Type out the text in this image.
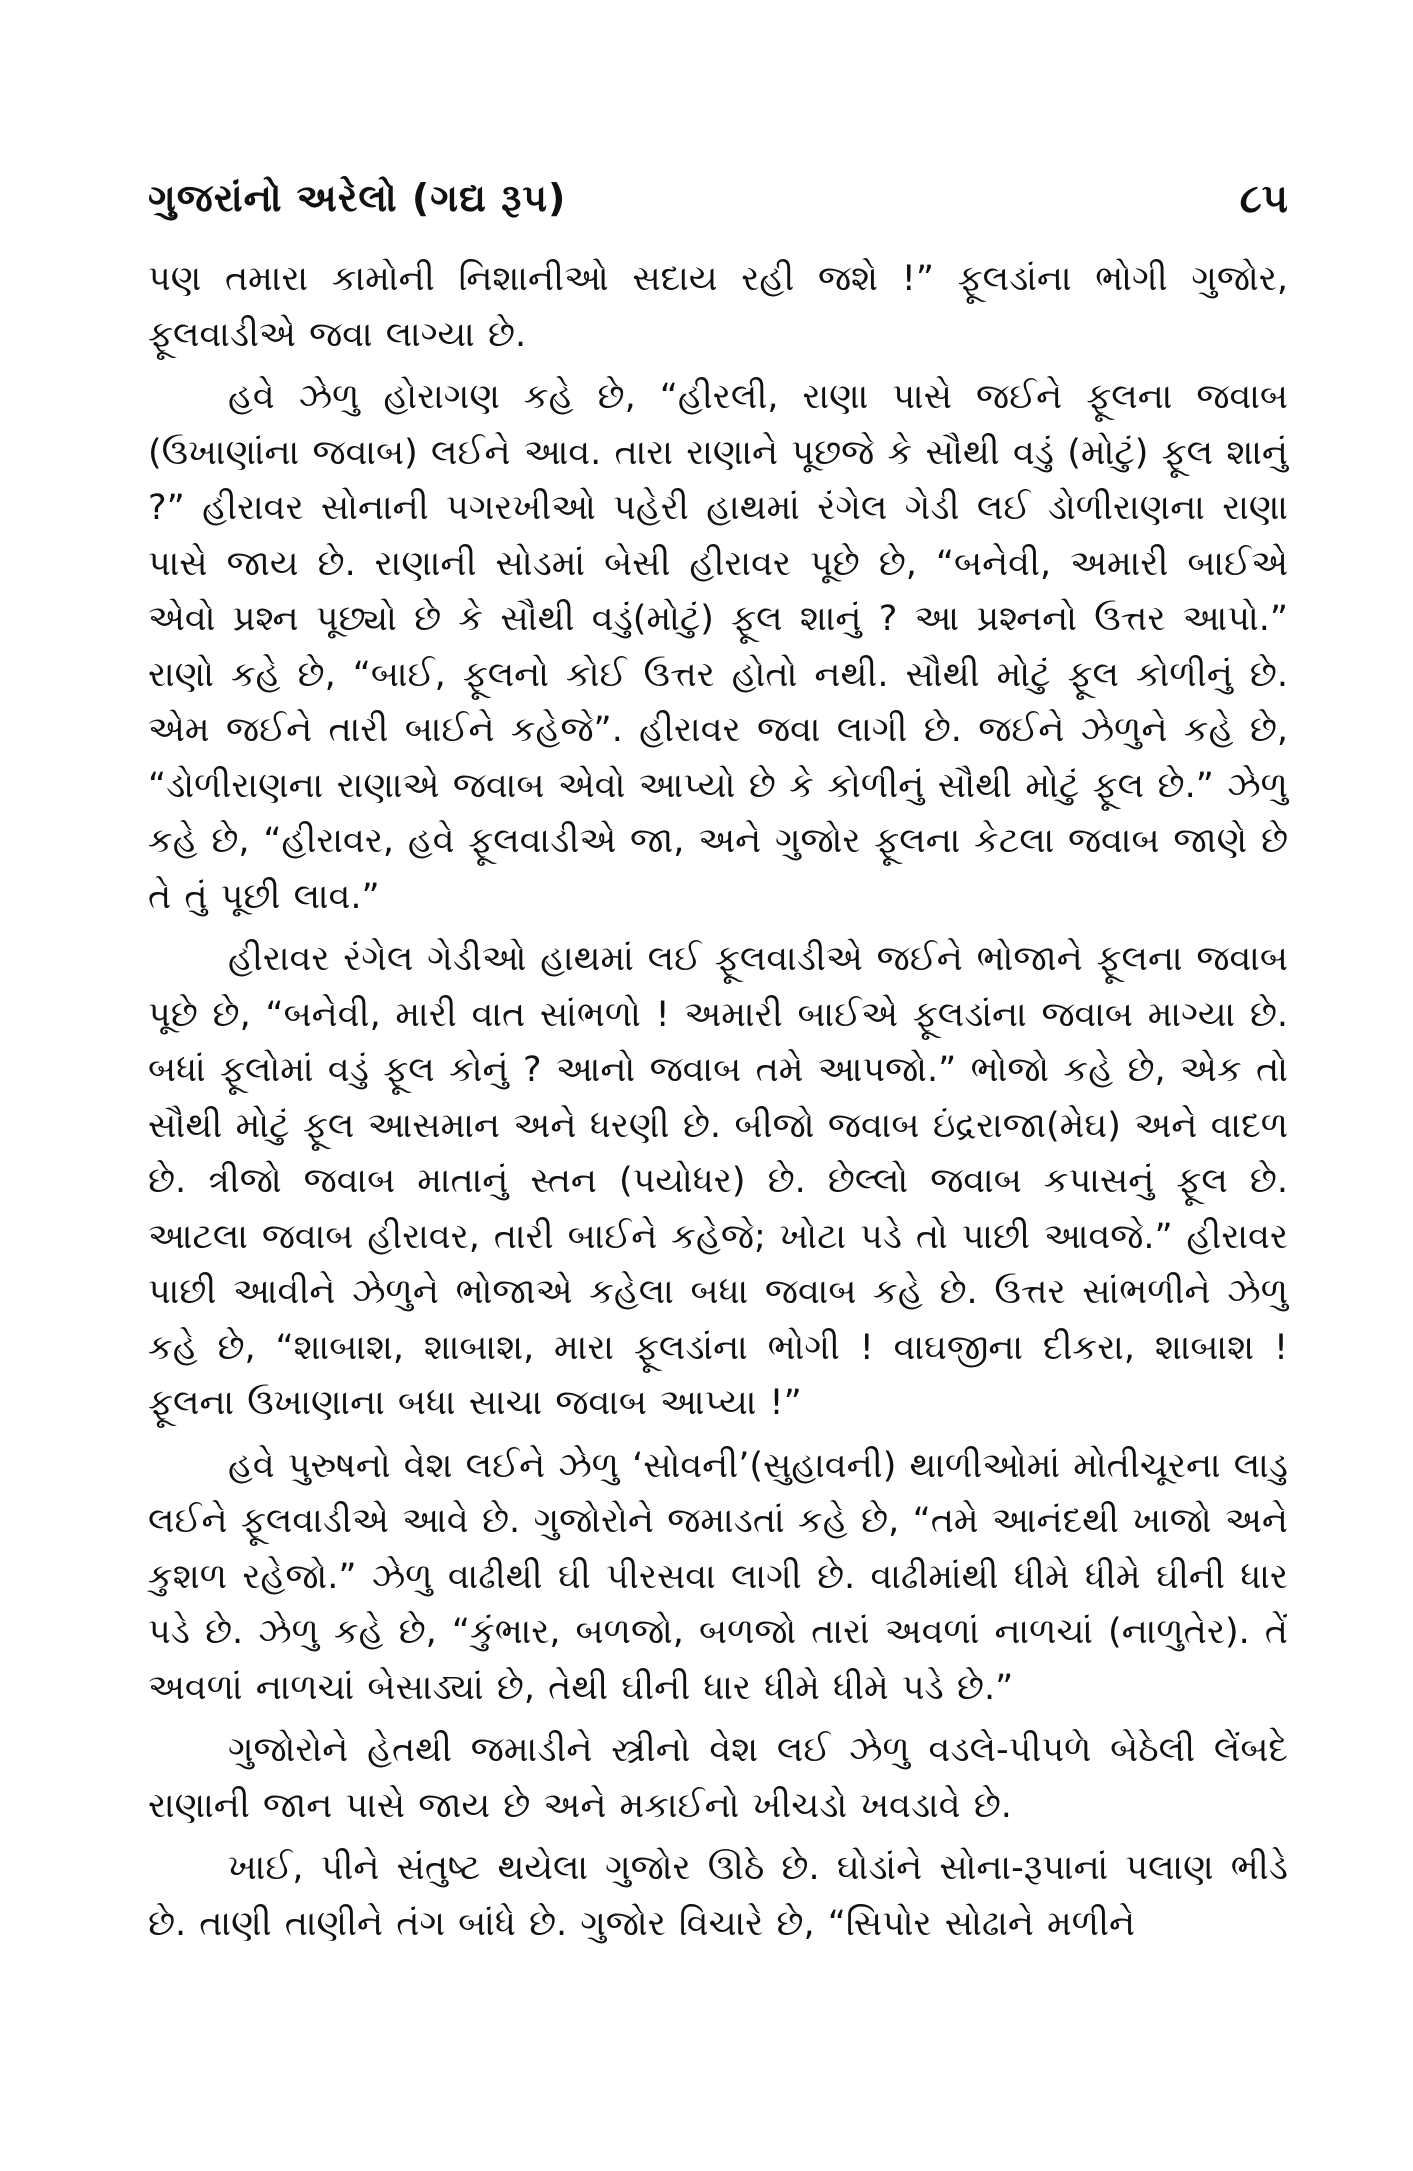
ગુજરાંનો અરેલો (ગદ્ય રૂપ)	૮૫

પણ તમારા કામોની નિશાનીઓ સદાય રહી જશે !” ફૂલડાંના ભોગી ગુજોર, ફૂલવાડીએ જવા લાગ્યા છે.

હવે ઝેળુ હોરાગણ કહે છે, “હીરલી, રાણા પાસે જઈને ફૂલના જવાબ (ઉખાણાંના જવાબ) લઈને આવ. તારા રાણાને પૂછજે કે સૌથી વડું (મોટું) ફૂલ શાનું ?” હીરાવર સોનાની પગરખીઓ પહેરી હાથમાં રંગેલ ગેડી લઈ ડોળીરાણના રાણા પાસે જાય છે. રાણાની સોડમાં બેસી હીરાવર પૂછે છે, “બનેવી, અમારી બાઈએ એવો પ્રશ્ન પૂછ્યો છે કે સૌથી વડું(મોટું) ફૂલ શાનું ? આ પ્રશ્નનો ઉત્તર આપો.” રાણો કહે છે, “બાઈ, ફૂલનો કોઈ ઉત્તર હોતો નથી. સૌથી મોટું ફૂલ કોળીનું છે. એમ જઈને તારી બાઈને કહેજે”. હીરાવર જવા લાગી છે. જઈને ઝેળુને કહે છે, “ડોળીરાણના રાણાએ જવાબ એવો આપ્યો છે કે કોળીનું સૌથી મોટું ફૂલ છે.” ઝેળુ કહે છે, “હીરાવર, હવે ફૂલવાડીએ જા, અને ગુજોર ફૂલના કેટલા જવાબ જાણે છે તે તું પૂછી લાવ.”

હીરાવર રંગેલ ગેડીઓ હાથમાં લઈ ફૂલવાડીએ જઈને ભોજાને ફૂલના જવાબ પૂછે છે, “બનેવી, મારી વાત સાંભળો ! અમારી બાઈએ ફૂલડાંના જવાબ માગ્યા છે. બધાં ફૂલોમાં વડું ફૂલ કોનું ? આનો જવાબ તમે આપજો.” ભોજો કહે છે, એક તો સૌથી મોટું ફૂલ આસમાન અને ધરણી છે. બીજો જવાબ ઇંદ્રરાજા(મેઘ) અને વાદળ છે. ત્રીજો જવાબ માતાનું સ્તન (પયોધર) છે. છેલ્લો જવાબ કપાસનું ફૂલ છે. આટલા જવાબ હીરાવર, તારી બાઈને કહેજે; ખોટા પડે તો પાછી આવજે.” હીરાવર પાછી આવીને ઝેળુને ભોજાએ કહેલા બધા જવાબ કહે છે. ઉત્તર સાંભળીને ઝેળુ કહે છે, “શાબાશ, શાબાશ, મારા ફૂલડાંના ભોગી ! વાઘજીના દીકરા, શાબાશ ! ફૂલના ઉખાણાના બધા સાચા જવાબ આપ્યા !”

હવે પુરુષનો વેશ લઈને ઝેળુ ‘સોવની’(સુહાવની) થાળીઓમાં મોતીચૂરના લાડુ લઈને ફૂલવાડીએ આવે છે. ગુજોરોને જમાડતાં કહે છે, “તમે આનંદથી ખાજો અને કુશળ રહેજો.” ઝેળુ વાઢીથી ઘી પીરસવા લાગી છે. વાઢીમાંથી ધીમે ધીમે ઘીની ધાર પડે છે. ઝેળુ કહે છે, “કુંભાર, બળજો, બળજો તારાં અવળાં નાળચાં (નાળુતેર). તેં અવળાં નાળચાં બેસાડ્યાં છે, તેથી ઘીની ધાર ધીમે ધીમે પડે છે.”

ગુજોરોને હેતથી જમાડીને સ્ત્રીનો વેશ લઈ ઝેળુ વડલે-પીપળે બેઠેલી લેંબદે રાણાની જાન પાસે જાય છે અને મકાઈનો ખીચડો ખવડાવે છે.

ખાઈ, પીને સંતુષ્ટ થયેલા ગુજોર ઊઠે છે. ઘોડાંને સોના-રૂપાનાં પલાણ ભીડે છે. તાણી તાણીને તંગ બાંધે છે. ગુજોર વિચારે છે, “સિપોર સોઢાને મળીને
